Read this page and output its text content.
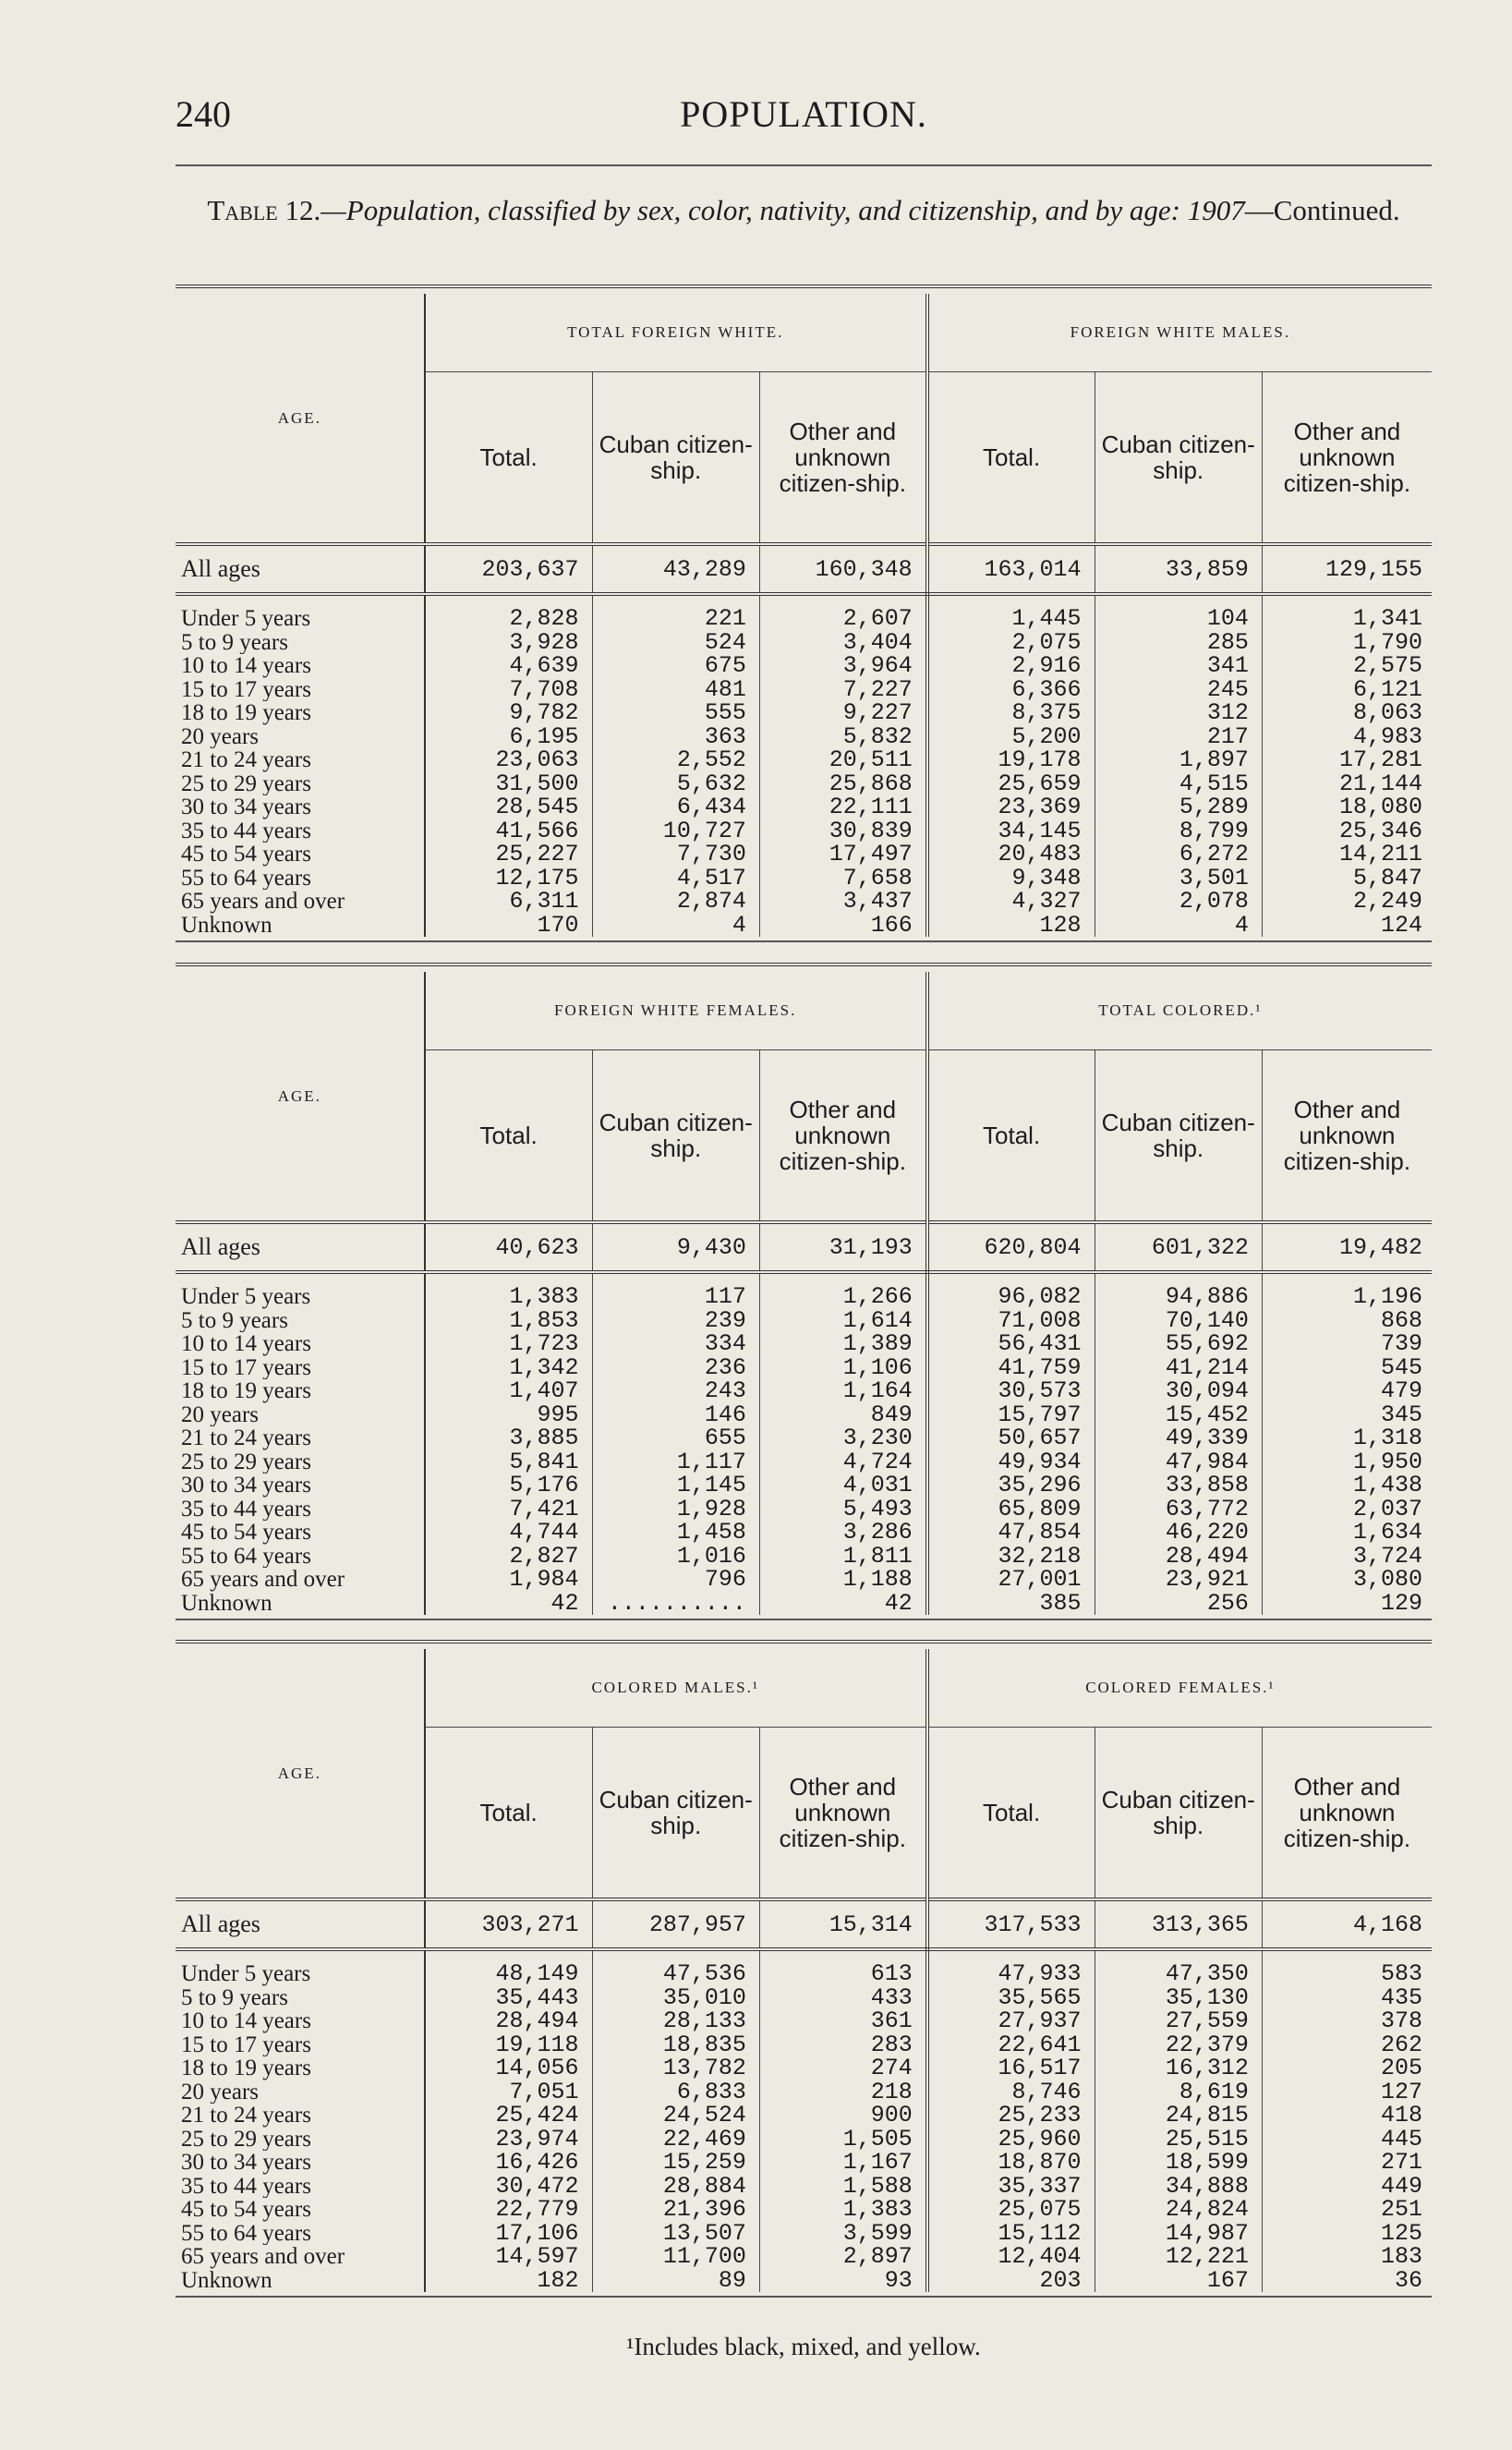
240	POPULATION.
Table 12.—Population, classified by sex, color, nativity, and citizenship, and by age: 1907—Continued.

AGE.	TOTAL FOREIGN WHITE.			FOREIGN WHITE MALES.		
	Total.	Cuban citizen-ship.	Other and unknown citizen-ship.	Total.	Cuban citizen-ship.	Other and unknown citizen-ship.
All ages	203,637	43,289	160,348	163,014	33,859	129,155

Under 5 years	2,828	221	2,607	1,445	104	1,341
5 to 9 years	3,928	524	3,404	2,075	285	1,790
10 to 14 years	4,639	675	3,964	2,916	341	2,575
15 to 17 years	7,708	481	7,227	6,366	245	6,121
18 to 19 years	9,782	555	9,227	8,375	312	8,063
20 years	6,195	363	5,832	5,200	217	4,983
21 to 24 years	23,063	2,552	20,511	19,178	1,897	17,281
25 to 29 years	31,500	5,632	25,868	25,659	4,515	21,144
30 to 34 years	28,545	6,434	22,111	23,369	5,289	18,080
35 to 44 years	41,566	10,727	30,839	34,145	8,799	25,346
45 to 54 years	25,227	7,730	17,497	20,483	6,272	14,211
55 to 64 years	12,175	4,517	7,658	9,348	3,501	5,847
65 years and over	6,311	2,874	3,437	4,327	2,078	2,249
Unknown	170	4	166	128	4	124

AGE.	FOREIGN WHITE FEMALES.			TOTAL COLORED.¹		
	Total.	Cuban citizen-ship.	Other and unknown citizen-ship.	Total.	Cuban citizen-ship.	Other and unknown citizen-ship.
All ages	40,623	9,430	31,193	620,804	601,322	19,482

Under 5 years	1,383	117	1,266	96,082	94,886	1,196
5 to 9 years	1,853	239	1,614	71,008	70,140	868
10 to 14 years	1,723	334	1,389	56,431	55,692	739
15 to 17 years	1,342	236	1,106	41,759	41,214	545
18 to 19 years	1,407	243	1,164	30,573	30,094	479
20 years	995	146	849	15,797	15,452	345
21 to 24 years	3,885	655	3,230	50,657	49,339	1,318
25 to 29 years	5,841	1,117	4,724	49,934	47,984	1,950
30 to 34 years	5,176	1,145	4,031	35,296	33,858	1,438
35 to 44 years	7,421	1,928	5,493	65,809	63,772	2,037
45 to 54 years	4,744	1,458	3,286	47,854	46,220	1,634
55 to 64 years	2,827	1,016	1,811	32,218	28,494	3,724
65 years and over	1,984	796	1,188	27,001	23,921	3,080
Unknown	42	..........	42	385	256	129

AGE.	COLORED MALES.¹			COLORED FEMALES.¹		
	Total.	Cuban citizen-ship.	Other and unknown citizen-ship.	Total.	Cuban citizen-ship.	Other and unknown citizen-ship.
All ages	303,271	287,957	15,314	317,533	313,365	4,168

Under 5 years	48,149	47,536	613	47,933	47,350	583
5 to 9 years	35,443	35,010	433	35,565	35,130	435
10 to 14 years	28,494	28,133	361	27,937	27,559	378
15 to 17 years	19,118	18,835	283	22,641	22,379	262
18 to 19 years	14,056	13,782	274	16,517	16,312	205
20 years	7,051	6,833	218	8,746	8,619	127
21 to 24 years	25,424	24,524	900	25,233	24,815	418
25 to 29 years	23,974	22,469	1,505	25,960	25,515	445
30 to 34 years	16,426	15,259	1,167	18,870	18,599	271
35 to 44 years	30,472	28,884	1,588	35,337	34,888	449
45 to 54 years	22,779	21,396	1,383	25,075	24,824	251
55 to 64 years	17,106	13,507	3,599	15,112	14,987	125
65 years and over	14,597	11,700	2,897	12,404	12,221	183
Unknown	182	89	93	203	167	36
¹Includes black, mixed, and yellow.
